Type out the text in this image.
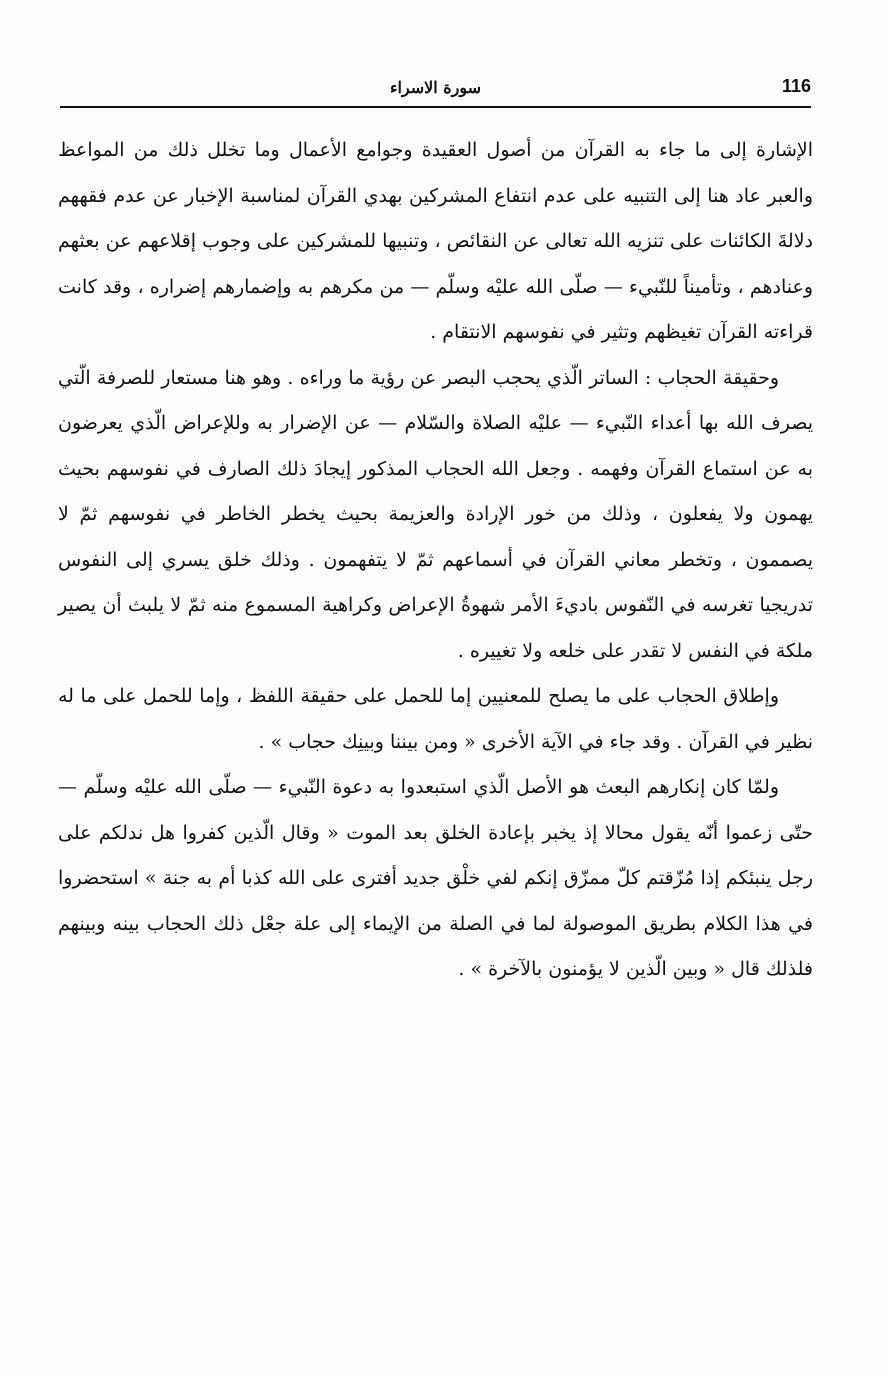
116
سورة الاسراء

الإشارة إلى ما جاء به القرآن من أصول العقيدة وجوامع الأعمال وما تخلل ذلك من المواعظ والعبر عاد هنا إلى التنبيه على عدم انتفاع المشركين بهدي القرآن لمناسبة الإخبار عن عدم فقههم دلالةَ الكائنات على تنزيه الله تعالى عن النقائص ، وتنبيها للمشركين على وجوب إقلاعهم عن بعثهم وعنادهم ، وتأميناً للنّبيء — صلّى الله عليْه وسلّم — من مكرهم به وإضمارهم إضراره ، وقد كانت قراءته القرآن تغيظهم وتثير في نفوسهم الانتقام .

وحقيقة الحجاب : الساتر الّذي يحجب البصر عن رؤية ما وراءه . وهو هنا مستعار للصرفة الّتي يصرف الله بها أعداء النّبيء — عليْه الصلاة والسّلام — عن الإضرار به وللإعراض الّذي يعرضون به عن استماع القرآن وفهمه . وجعل الله الحجاب المذكور إيجادَ ذلك الصارف في نفوسهم بحيث يهمون ولا يفعلون ، وذلك من خور الإرادة والعزيمة بحيث يخطر الخاطر في نفوسهم ثمّ لا يصممون ، وتخطر معاني القرآن في أسماعهم ثمّ لا يتفهمون . وذلك خلق يسري إلى النفوس تدريجيا تغرسه في النّفوس باديءَ الأمر شهوةُ الإعراض وكراهية المسموع منه ثمّ لا يلبث أن يصير ملكة في النفس لا تقدر على خلعه ولا تغييره .

وإطلاق الحجاب على ما يصلح للمعنيين إما للحمل على حقيقة اللفظ ، وإما للحمل على ما له نظير في القرآن . وقد جاء في الآية الأخرى « ومن بيننا وبينِك حجاب » .

ولمّا كان إنكارهم البعث هو الأصل الّذي استبعدوا به دعوة النّبيء — صلّى الله عليْه وسلّم — حتّى زعموا أنّه يقول محالا إذ يخبر بإعادة الخلق بعد الموت « وقال الّذين كفروا هل ندلكم على رجل ينبئكم إذا مُزّقتم كلّ ممزّق إنكم لفي خلْق جديد أفترى على الله كذبا أم به جنة » استحضروا في هذا الكلام بطريق الموصولة لما في الصلة من الإيماء إلى علة جعْل ذلك الحجاب بينه وبينهم فلذلك قال « وبين الّذين لا يؤمنون بالآخرة » .
